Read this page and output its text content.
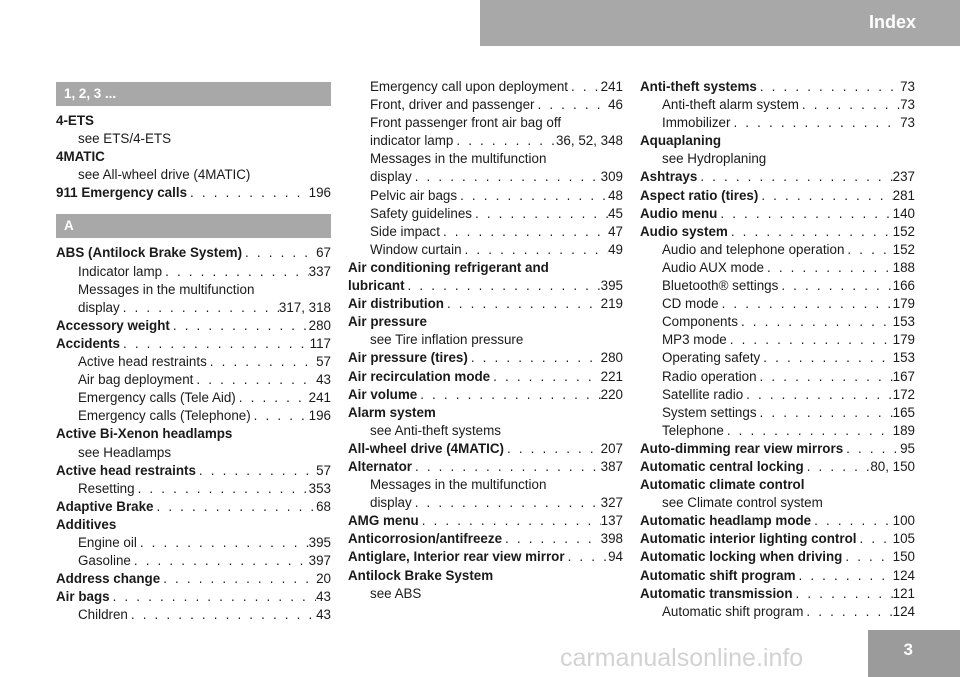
Index
1, 2, 3 ...
4-ETS
see ETS/4-ETS
4MATIC
see All-wheel drive (4MATIC)
911 Emergency calls . . .	196
A
ABS (Antilock Brake System) . . .	67
Indicator lamp . . .	337
Messages in the multifunction
display . . .	317, 318
Accessory weight . . .	280
Accidents . . .	117
Active head restraints . . .	57
Air bag deployment . . .	43
Emergency calls (Tele Aid) . . .	241
Emergency calls (Telephone) . . .	196
Active Bi-Xenon headlamps
see Headlamps
Active head restraints . . .	57
Resetting . . .	353
Adaptive Brake . . .	68
Additives
Engine oil . . .	395
Gasoline . . .	397
Address change . . .	20
Air bags . . .	43
Children . . .	43
Emergency call upon deployment . . . 241
Front, driver and passenger . . .	46
Front passenger front air bag off
indicator lamp . . .	36, 52, 348
Messages in the multifunction
display . . .	309
Pelvic air bags . . .	48
Safety guidelines . . .	45
Side impact . . .	47
Window curtain . . .	49
Air conditioning refrigerant and
lubricant . . .	395
Air distribution . . .	219
Air pressure
see Tire inflation pressure
Air pressure (tires) . . .	280
Air recirculation mode . . .	221
Air volume . . .	220
Alarm system
see Anti-theft systems
All-wheel drive (4MATIC) . . .	207
Alternator . . .	387
Messages in the multifunction
display . . .	327
AMG menu . . .	137
Anticorrosion/antifreeze . . .	398
Antiglare, Interior rear view mirror . . .	94
Antilock Brake System
see ABS
Anti-theft systems . . .	73
Anti-theft alarm system . . .	73
Immobilizer . . .	73
Aquaplaning
see Hydroplaning
Ashtrays . . .	237
Aspect ratio (tires) . . .	281
Audio menu . . .	140
Audio system . . .	152
Audio and telephone operation . . .	152
Audio AUX mode . . .	188
Bluetooth® settings . . .	166
CD mode . . .	179
Components . . .	153
MP3 mode . . .	179
Operating safety . . .	153
Radio operation . . .	167
Satellite radio . . .	172
System settings . . .	165
Telephone . . .	189
Auto-dimming rear view mirrors . . .	95
Automatic central locking . . .	80, 150
Automatic climate control
see Climate control system
Automatic headlamp mode . . .	100
Automatic interior lighting control . . .	105
Automatic locking when driving . . .	150
Automatic shift program . . .	124
Automatic transmission . . .	121
Automatic shift program . . .	124
3
carmanualsonline.info
